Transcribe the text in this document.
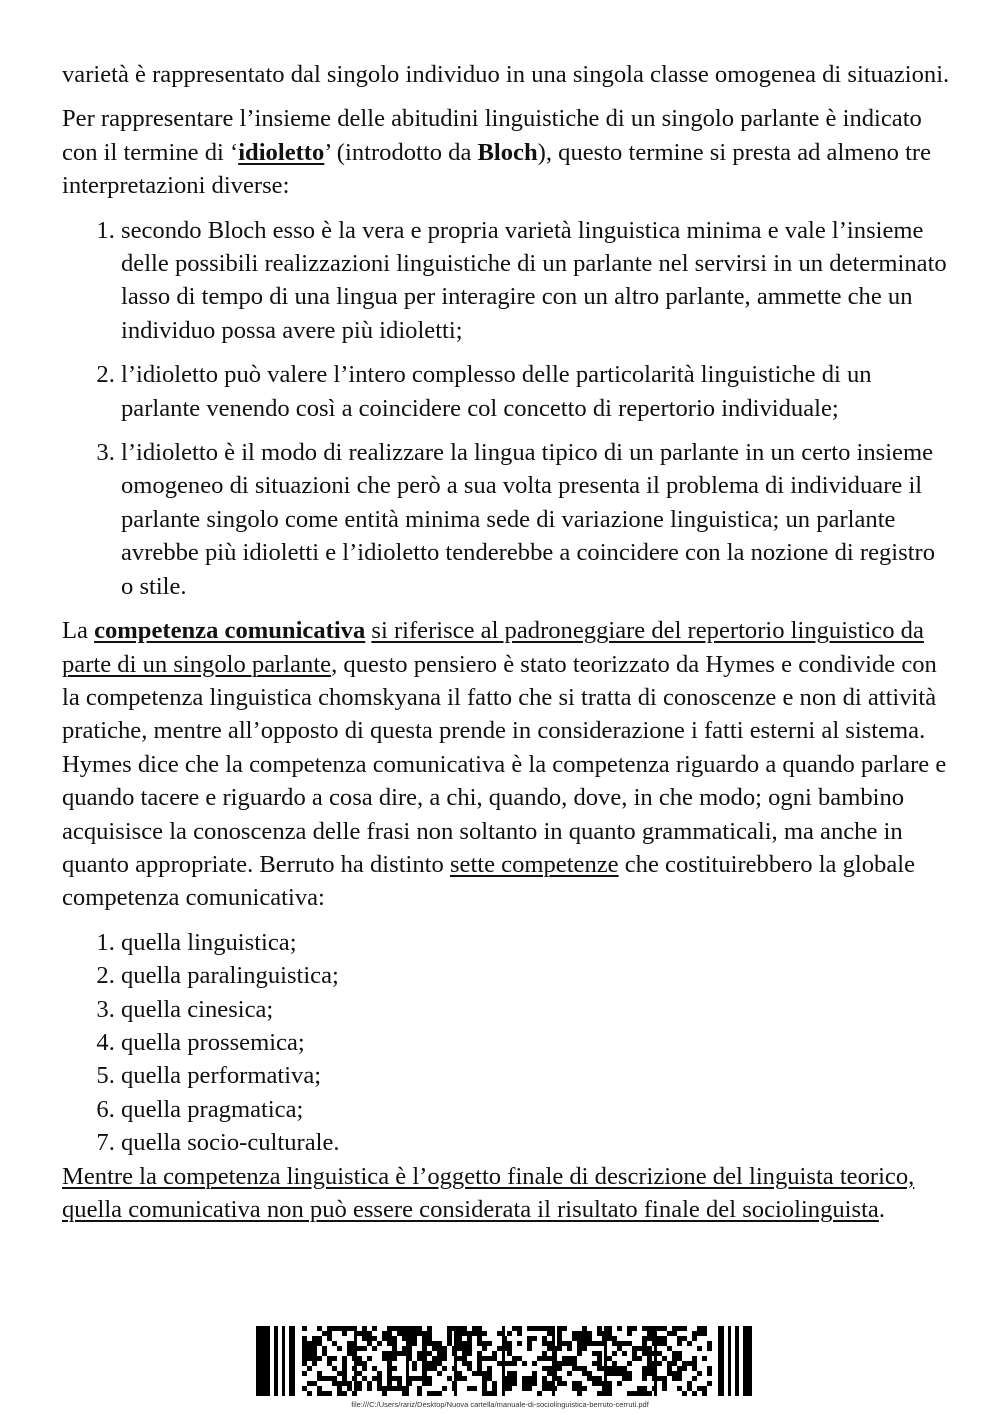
varietà è rappresentato dal singolo individuo in una singola classe omogenea di situazioni.

Per rappresentare l’insieme delle abitudini linguistiche di un singolo parlante è indicato con il termine di ‘idioletto’ (introdotto da Bloch), questo termine si presta ad almeno tre interpretazioni diverse:

1. secondo Bloch esso è la vera e propria varietà linguistica minima e vale l’insieme delle possibili realizzazioni linguistiche di un parlante nel servirsi in un determinato lasso di tempo di una lingua per interagire con un altro parlante, ammette che un individuo possa avere più idioletti;
2. l’idioletto può valere l’intero complesso delle particolarità linguistiche di un parlante venendo così a coincidere col concetto di repertorio individuale;
3. l’idioletto è il modo di realizzare la lingua tipico di un parlante in un certo insieme omogeneo di situazioni che però a sua volta presenta il problema di individuare il parlante singolo come entità minima sede di variazione linguistica; un parlante avrebbe più idioletti e l’idioletto tenderebbe a coincidere con la nozione di registro o stile.

La competenza comunicativa si riferisce al padroneggiare del repertorio linguistico da parte di un singolo parlante, questo pensiero è stato teorizzato da Hymes e condivide con la competenza linguistica chomskyana il fatto che si tratta di conoscenze e non di attività pratiche, mentre all’opposto di questa prende in considerazione i fatti esterni al sistema. Hymes dice che la competenza comunicativa è la competenza riguardo a quando parlare e quando tacere e riguardo a cosa dire, a chi, quando, dove, in che modo; ogni bambino acquisisce la conoscenza delle frasi non soltanto in quanto grammaticali, ma anche in quanto appropriate. Berruto ha distinto sette competenze che costituirebbero la globale competenza comunicativa:

1. quella linguistica;
2. quella paralinguistica;
3. quella cinesica;
4. quella prossemica;
5. quella performativa;
6. quella pragmatica;
7. quella socio-culturale.

Mentre la competenza linguistica è l’oggetto finale di descrizione del linguista teorico, quella comunicativa non può essere considerata il risultato finale del sociolinguista.

file:///C:/Users/rariz/Desktop/Nuova cartella/manuale-di-sociolinguistica-berruto-cerruti.pdf
